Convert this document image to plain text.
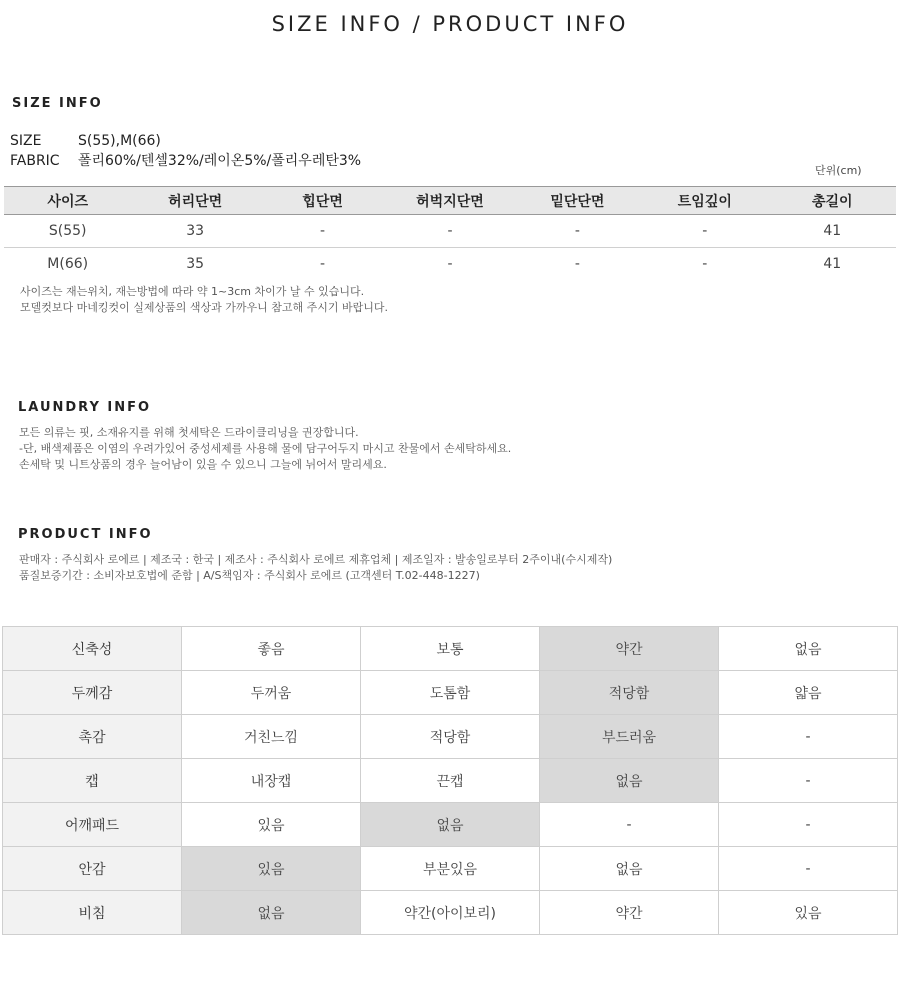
SIZE INFO / PRODUCT INFO
SIZE INFO
SIZE	S(55),M(66)
FABRIC 폴리60%/텐셀32%/레이온5%/폴리우레탄3%
단위(cm)
사이즈	허리단면	힙단면	허벅지단면	밑단단면	트임깊이	총길이
S(55)	33	-	-	-	-	41
M(66)	35	-	-	-	-	41
사이즈는 재는위치, 재는방법에 따라 약 1~3cm 차이가 날 수 있습니다.
모델컷보다 마네킹컷이 실제상품의 색상과 가까우니 참고해 주시기 바랍니다.
LAUNDRY INFO
모든 의류는 핏, 소재유지를 위해 첫세탁은 드라이클리닝을 권장합니다.
-단, 배색제품은 이염의 우려가있어 중성세제를 사용해 물에 담구어두지 마시고 찬물에서 손세탁하세요.
손세탁 및 니트상품의 경우 늘어남이 있을 수 있으니 그늘에 뉘어서 말리세요.
PRODUCT INFO
판매자 : 주식회사 로에르 | 제조국 : 한국 | 제조사 : 주식회사 로에르 제휴업체 | 제조일자 : 발송일로부터 2주이내(수시제작)
품질보증기간 : 소비자보호법에 준함 | A/S책임자 : 주식회사 로에르 (고객센터 T.02-448-1227)
신축성	좋음	보통	약간	없음
두께감	두꺼움	도톰함	적당함	얇음
촉감	거친느낌	적당함	부드러움	-
캡	내장캡	끈캡	없음	-
어깨패드	있음	없음	-	-
안감	있음	부분있음	없음	-
비침	없음	약간(아이보리)	약간	있음
